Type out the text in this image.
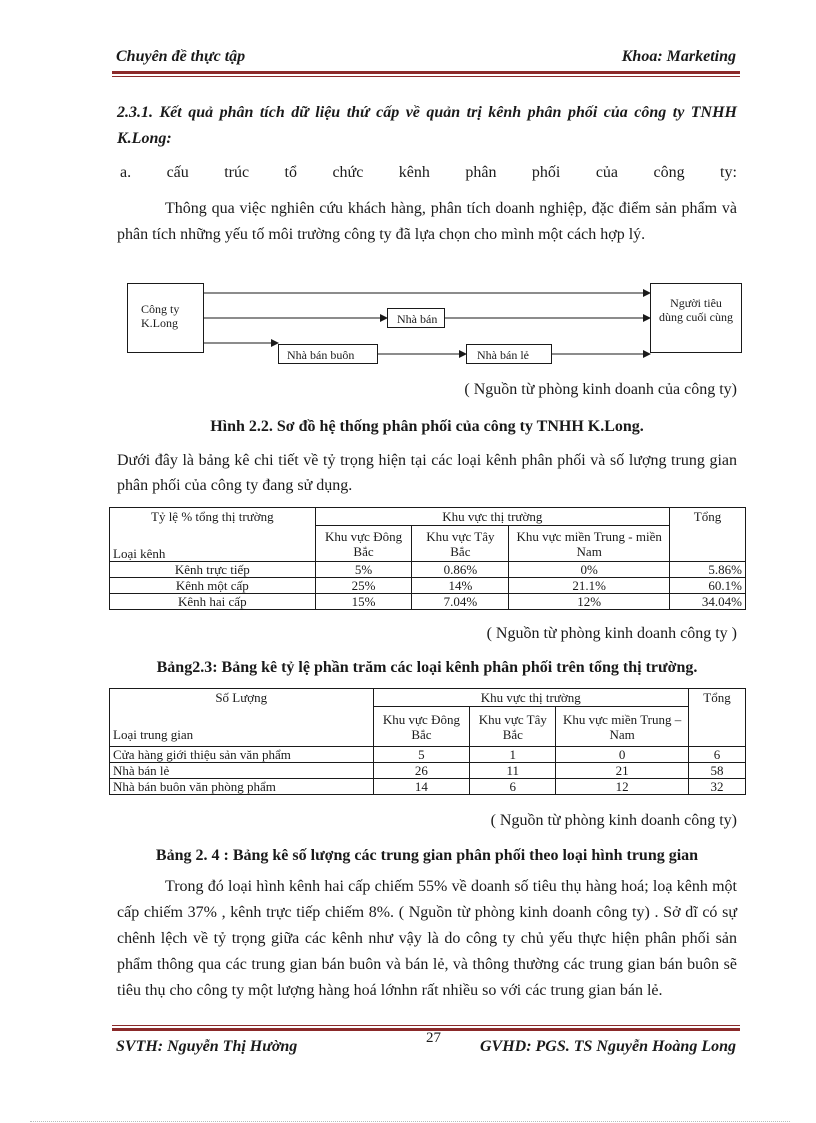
Chuyên đề thực tập	Khoa: Marketing
2.3.1. Kết quả phân tích dữ liệu thứ cấp về quản trị kênh phân phối của công ty TNHH K.Long:
a. cấu trúc tổ chức kênh phân phối của công ty:
Thông qua việc nghiên cứu khách hàng, phân tích doanh nghiệp, đặc điểm sản phẩm và phân tích những yếu tố môi trường công ty đã lựa chọn cho mình một cách hợp lý.
Công ty K.Long	Nhà bán
Nhà bán buôn	Nhà bán lẻ
Người tiêu dùng cuối cùng
( Nguồn từ phòng kinh doanh của công ty)
Hình 2.2. Sơ đồ hệ thống phân phối của công ty TNHH K.Long.
Dưới đây là bảng kê chi tiết về tỷ trọng hiện tại các loại kênh phân phối và số lượng trung gian phân phối của công ty đang sử dụng.
Tỷ lệ % tổng thị trường	Khu vực thị trường			Tổng
Loại kênh	Khu vực Đông Bắc	Khu vực Tây Bắc	Khu vực miền Trung - miền Nam	
Kênh trực tiếp	5%	0.86%	0%	5.86%
Kênh một cấp	25%	14%	21.1%	60.1%
Kênh hai cấp	15%	7.04%	12%	34.04%
( Nguồn từ phòng kinh doanh công ty )
Bảng2.3: Bảng kê tỷ lệ phần trăm các loại kênh phân phối trên tổng thị trường.
Số Lượng	Khu vực thị trường			Tổng
Loại trung gian	Khu vực Đông Bắc	Khu vực Tây Bắc	Khu vực miền Trung – Nam	
Cửa hàng giới thiệu sản văn phẩm	5	1	0	6
Nhà bán lẻ	26	11	21	58
Nhà bán buôn văn phòng phẩm	14	6	12	32
( Nguồn từ phòng kinh doanh công ty)
Bảng 2. 4 : Bảng kê số lượng các trung gian phân phối theo loại hình trung gian
Trong đó loại hình kênh hai cấp chiếm 55% về doanh số tiêu thụ hàng hoá; loạ kênh một cấp chiếm 37% , kênh trực tiếp chiếm 8%. ( Nguồn từ phòng kinh doanh công ty) . Sở dĩ có sự chênh lệch về tỷ trọng giữa các kênh như vậy là do công ty chủ yếu thực hiện phân phối sản phẩm thông qua các trung gian bán buôn và bán lẻ, và thông thường các trung gian bán buôn sẽ tiêu thụ cho công ty một lượng hàng hoá lớnhn rất nhiều so với các trung gian bán lẻ.
27
SVTH: Nguyễn Thị Hường	GVHD: PGS. TS Nguyễn Hoàng Long
